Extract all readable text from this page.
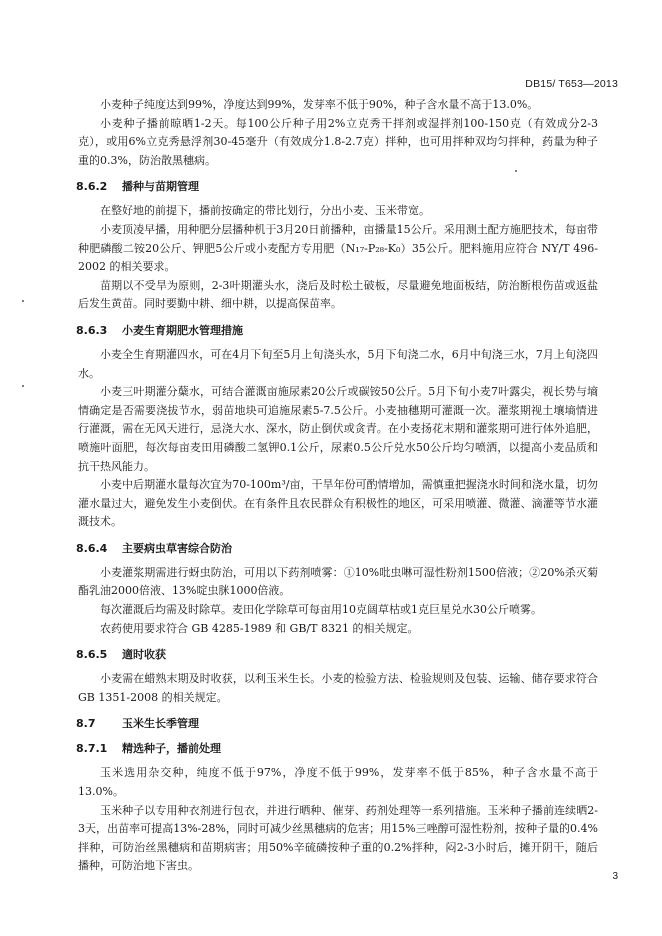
DB15/ T653—2013

小麦种子纯度达到99%，净度达到99%，发芽率不低于90%，种子含水量不高于13.0%。

小麦种子播前晾晒1-2天。每100公斤种子用2%立克秀干拌剂或湿拌剂100-150克（有效成分2-3克），或用6%立克秀悬浮剂30-45毫升（有效成分1.8-2.7克）拌种，也可用拌种双均匀拌种，药量为种子重的0.3%，防治散黑穗病。

8.6.2 播种与苗期管理

在整好地的前提下，播前按确定的带比划行，分出小麦、玉米带宽。

小麦顶凌早播，用种肥分层播种机于3月20日前播种，亩播量15公斤。采用测土配方施肥技术，每亩带种肥磷酸二铵20公斤、钾肥5公斤或小麦配方专用肥（N₁₇-P₂₈-K₀）35公斤。肥料施用应符合 NY/T 496-2002 的相关要求。

苗期以不受旱为原则，2-3叶期灌头水，浇后及时松土破板，尽量避免地面板结，防治断根伤苗或返盐后发生黄苗。同时要勤中耕、细中耕，以提高保苗率。

8.6.3 小麦生育期肥水管理措施

小麦全生育期灌四水，可在4月下旬至5月上旬浇头水，5月下旬浇二水，6月中旬浇三水，7月上旬浇四水。

小麦三叶期灌分蘖水，可结合灌溉亩施尿素20公斤或碳铵50公斤。5月下旬小麦7叶露尖，视长势与墒情确定是否需要浇拔节水，弱苗地块可追施尿素5-7.5公斤。小麦抽穗期可灌溉一次。灌浆期视土壤墒情进行灌溉，需在无风天进行，忌浇大水、深水，防止倒伏或贪青。在小麦扬花末期和灌浆期可进行体外追肥，喷施叶面肥，每次每亩麦田用磷酸二氢钾0.1公斤，尿素0.5公斤兑水50公斤均匀喷洒，以提高小麦品质和抗干热风能力。

小麦中后期灌水量每次宜为70-100m³/亩，干旱年份可酌情增加，需慎重把握浇水时间和浇水量，切勿灌水量过大，避免发生小麦倒伏。在有条件且农民群众有积极性的地区，可采用喷灌、微灌、滴灌等节水灌溉技术。

8.6.4 主要病虫草害综合防治

小麦灌浆期需进行蚜虫防治，可用以下药剂喷雾：①10%吡虫啉可湿性粉剂1500倍液；②20%杀灭菊酯乳油2000倍液、13%啶虫脒1000倍液。

每次灌溉后均需及时除草。麦田化学除草可每亩用10克阔草枯或1克巨星兑水30公斤喷雾。

农药使用要求符合 GB 4285-1989 和 GB/T 8321 的相关规定。

8.6.5 適时收获

小麦需在蜡熟末期及时收获，以利玉米生长。小麦的检验方法、检验规则及包装、运输、储存要求符合 GB 1351-2008 的相关规定。

8.7 玉米生长季管理
8.7.1 精选种子，播前处理

玉米选用杂交种，纯度不低于97%，净度不低于99%，发芽率不低于85%，种子含水量不高于13.0%。

玉米种子以专用种衣剂进行包衣，并进行晒种、催芽、药剂处理等一系列措施。玉米种子播前连续晒2-3天，出苗率可提高13%-28%，同时可减少丝黑穗病的危害；用15%三唑醇可湿性粉剂，按种子量的0.4%拌种，可防治丝黑穗病和苗期病害；用50%辛硫磷按种子重的0.2%拌种，闷2-3小时后，摊开阴干，随后播种，可防治地下害虫。

3
